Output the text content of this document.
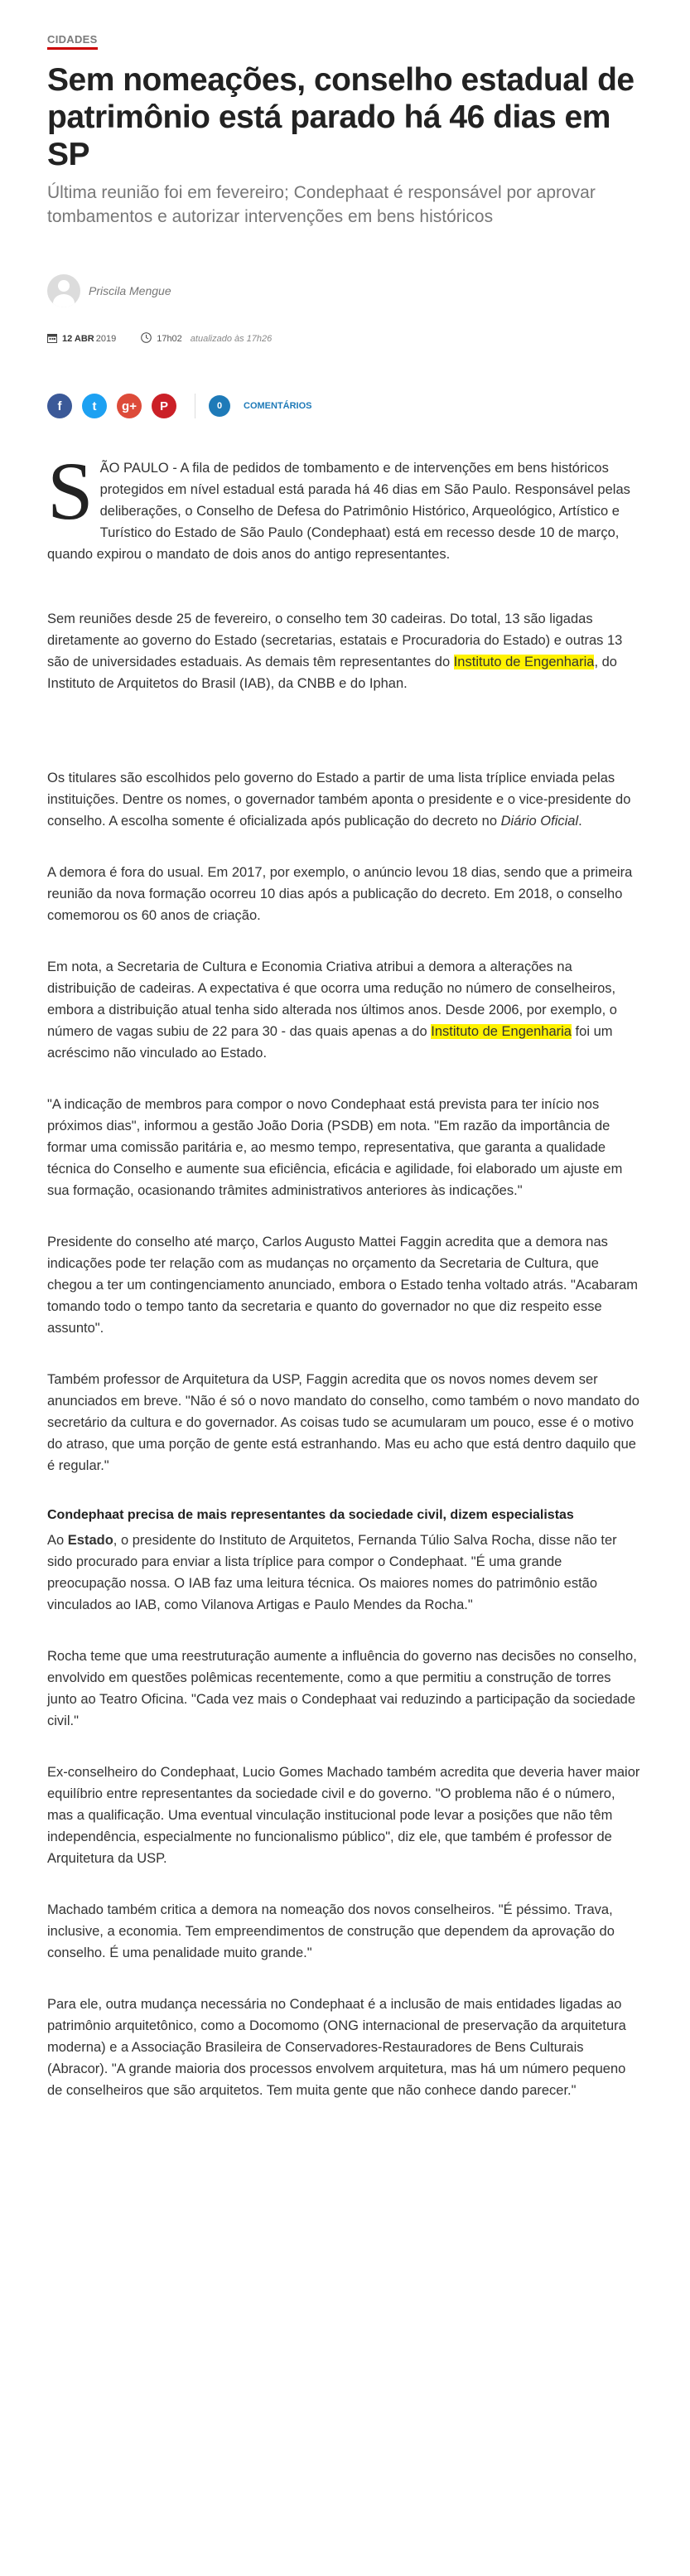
CIDADES
Sem nomeações, conselho estadual de patrimônio está parado há 46 dias em SP

Última reunião foi em fevereiro; Condephaat é responsável por aprovar tombamentos e autorizar intervenções em bens históricos

Priscila Mengue
12 ABR 2019	17h02 atualizado às 17h26
f t g+ P	0	COMENTÁRIOS

SÃO PAULO - A fila de pedidos de tombamento e de intervenções em bens históricos protegidos em nível estadual está parada há 46 dias em São Paulo. Responsável pelas deliberações, o Conselho de Defesa do Patrimônio Histórico, Arqueológico, Artístico e Turístico do Estado de São Paulo (Condephaat) está em recesso desde 10 de março, quando expirou o mandato de dois anos do antigo representantes.

Sem reuniões desde 25 de fevereiro, o conselho tem 30 cadeiras. Do total, 13 são ligadas diretamente ao governo do Estado (secretarias, estatais e Procuradoria do Estado) e outras 13 são de universidades estaduais. As demais têm representantes do Instituto de Engenharia, do Instituto de Arquitetos do Brasil (IAB), da CNBB e do Iphan.

Os titulares são escolhidos pelo governo do Estado a partir de uma lista tríplice enviada pelas instituições. Dentre os nomes, o governador também aponta o presidente e o vice-presidente do conselho. A escolha somente é oficializada após publicação do decreto no Diário Oficial.

A demora é fora do usual. Em 2017, por exemplo, o anúncio levou 18 dias, sendo que a primeira reunião da nova formação ocorreu 10 dias após a publicação do decreto. Em 2018, o conselho comemorou os 60 anos de criação.

Em nota, a Secretaria de Cultura e Economia Criativa atribui a demora a alterações na distribuição de cadeiras. A expectativa é que ocorra uma redução no número de conselheiros, embora a distribuição atual tenha sido alterada nos últimos anos. Desde 2006, por exemplo, o número de vagas subiu de 22 para 30 - das quais apenas a do Instituto de Engenharia foi um acréscimo não vinculado ao Estado.

"A indicação de membros para compor o novo Condephaat está prevista para ter início nos próximos dias", informou a gestão João Doria (PSDB) em nota. "Em razão da importância de formar uma comissão paritária e, ao mesmo tempo, representativa, que garanta a qualidade técnica do Conselho e aumente sua eficiência, eficácia e agilidade, foi elaborado um ajuste em sua formação, ocasionando trâmites administrativos anteriores às indicações."

Presidente do conselho até março, Carlos Augusto Mattei Faggin acredita que a demora nas indicações pode ter relação com as mudanças no orçamento da Secretaria de Cultura, que chegou a ter um contingenciamento anunciado, embora o Estado tenha voltado atrás. "Acabaram tomando todo o tempo tanto da secretaria e quanto do governador no que diz respeito esse assunto".

Também professor de Arquitetura da USP, Faggin acredita que os novos nomes devem ser anunciados em breve. "Não é só o novo mandato do conselho, como também o novo mandato do secretário da cultura e do governador. As coisas tudo se acumularam um pouco, esse é o motivo do atraso, que uma porção de gente está estranhando. Mas eu acho que está dentro daquilo que é regular."

Condephaat precisa de mais representantes da sociedade civil, dizem especialistas

Ao Estado, o presidente do Instituto de Arquitetos, Fernanda Túlio Salva Rocha, disse não ter sido procurado para enviar a lista tríplice para compor o Condephaat. "É uma grande preocupação nossa. O IAB faz uma leitura técnica. Os maiores nomes do patrimônio estão vinculados ao IAB, como Vilanova Artigas e Paulo Mendes da Rocha."

Rocha teme que uma reestruturação aumente a influência do governo nas decisões no conselho, envolvido em questões polêmicas recentemente, como a que permitiu a construção de torres junto ao Teatro Oficina. "Cada vez mais o Condephaat vai reduzindo a participação da sociedade civil."

Ex-conselheiro do Condephaat, Lucio Gomes Machado também acredita que deveria haver maior equilíbrio entre representantes da sociedade civil e do governo. "O problema não é o número, mas a qualificação. Uma eventual vinculação institucional pode levar a posições que não têm independência, especialmente no funcionalismo público", diz ele, que também é professor de Arquitetura da USP.

Machado também critica a demora na nomeação dos novos conselheiros. "É péssimo. Trava, inclusive, a economia. Tem empreendimentos de construção que dependem da aprovação do conselho. É uma penalidade muito grande."

Para ele, outra mudança necessária no Condephaat é a inclusão de mais entidades ligadas ao patrimônio arquitetônico, como a Docomomo (ONG internacional de preservação da arquitetura moderna) e a Associação Brasileira de Conservadores-Restauradores de Bens Culturais (Abracor). "A grande maioria dos processos envolvem arquitetura, mas há um número pequeno de conselheiros que são arquitetos. Tem muita gente que não conhece dando parecer."
